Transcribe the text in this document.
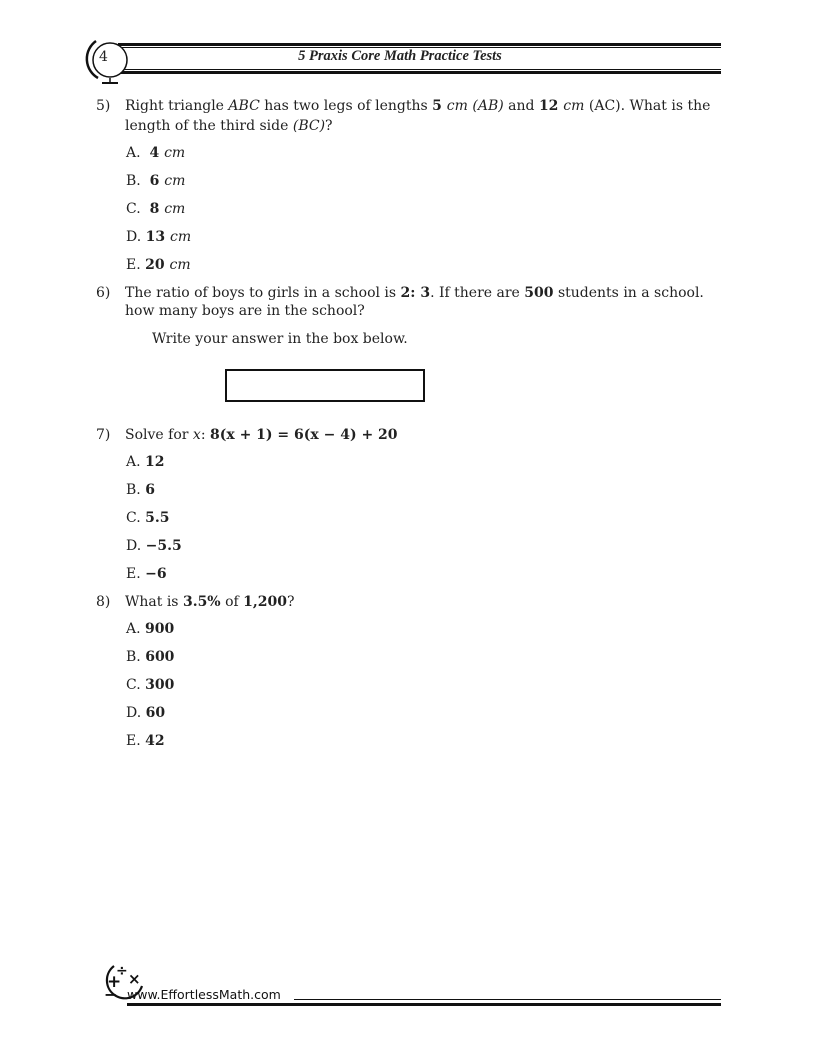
4	5 Praxis Core Math Practice Tests
5) Right triangle ABC has two legs of lengths 5 cm (AB) and 12 cm (AC). What is the
length of the third side (BC)?
A. 4 cm
B. 6 cm
C. 8 cm
D. 13 cm
E. 20 cm
6) The ratio of boys to girls in a school is 2: 3. If there are 500 students in a school.
how many boys are in the school?
Write your answer in the box below.
7) Solve for x: 8(x + 1) = 6(x − 4) + 20
A. 12
B. 6
C. 5.5
D. −5.5
E. −6
8) What is 3.5% of 1,200?
A. 900
B. 600
C. 300
D. 60
E. 42
+
÷ ×
− www.EffortlessMath.com
